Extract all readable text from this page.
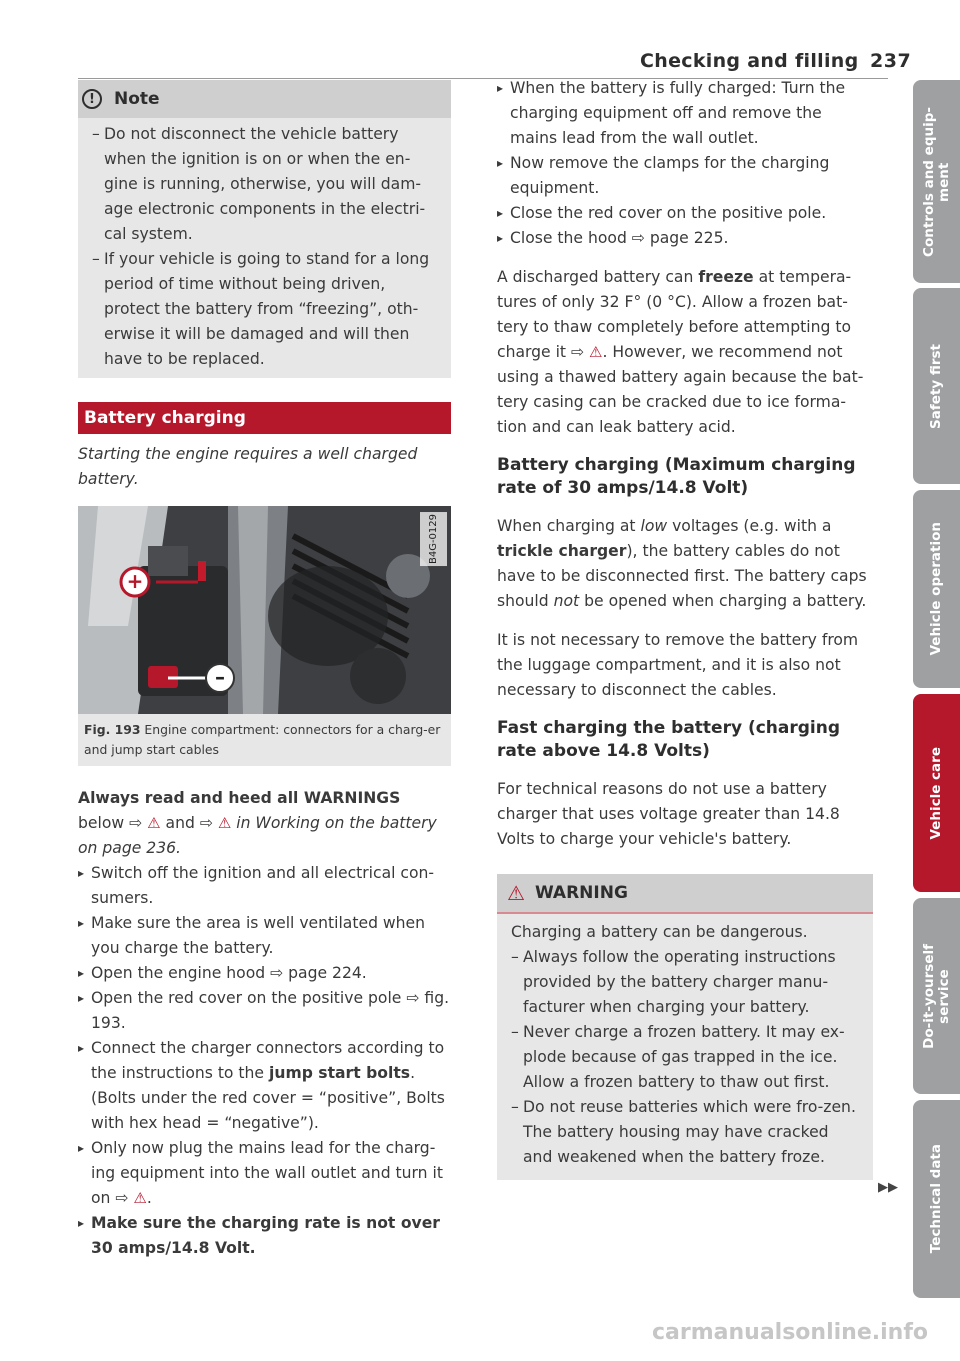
Checking and filling 237
!	Note
– Do not disconnect the vehicle battery when the ignition is on or when the en-gine is running, otherwise, you will dam-age electronic components in the electri-cal system.
– If your vehicle is going to stand for a long period of time without being driven, protect the battery from “freezing”, oth-erwise it will be damaged and will then have to be replaced.
Battery charging

Starting the engine requires a well charged battery.

+
–
B4G-0129
Fig. 193 Engine compartment: connectors for a charg-er and jump start cables

Always read and heed all WARNINGS below ⇨ ⚠ and ⇨ ⚠ in Working on the battery on page 236.

▸ Switch off the ignition and all electrical con-sumers.
▸ Make sure the area is well ventilated when you charge the battery.
▸ Open the engine hood ⇨ page 224.
▸ Open the red cover on the positive pole ⇨ fig. 193.
▸ Connect the charger connectors according to the instructions to the jump start bolts. (Bolts under the red cover = “positive”, Bolts with hex head = “negative”).
▸ Only now plug the mains lead for the charg-ing equipment into the wall outlet and turn it on ⇨ ⚠.
▸ Make sure the charging rate is not over 30 amps/14.8 Volt.
▸ When the battery is fully charged: Turn the charging equipment off and remove the mains lead from the wall outlet.
▸ Now remove the clamps for the charging equipment.
▸ Close the red cover on the positive pole.
▸ Close the hood ⇨ page 225.

A discharged battery can freeze at tempera-tures of only 32 F° (0 °C). Allow a frozen bat-tery to thaw completely before attempting to charge it ⇨ ⚠. However, we recommend not using a thawed battery again because the bat-tery casing can be cracked due to ice forma-tion and can leak battery acid.

Battery charging (Maximum charging rate of 30 amps/14.8 Volt)

When charging at low voltages (e.g. with a trickle charger), the battery cables do not have to be disconnected first. The battery caps should not be opened when charging a battery.

It is not necessary to remove the battery from the luggage compartment, and it is also not necessary to disconnect the cables.

Fast charging the battery (charging rate above 14.8 Volts)

For technical reasons do not use a battery charger that uses voltage greater than 14.8 Volts to charge your vehicle's battery.

⚠ WARNING

Charging a battery can be dangerous.

– Always follow the operating instructions provided by the battery charger manu-facturer when charging your battery.
– Never charge a frozen battery. It may ex-plode because of gas trapped in the ice. Allow a frozen battery to thaw out first.
– Do not reuse batteries which were fro-zen. The battery housing may have cracked and weakened when the battery froze.
▶▶
Controls and equip-
ment
Safety first
Vehicle operation
Vehicle care
Do-it-yourself
service
Technical data
carmanualsonline.info
